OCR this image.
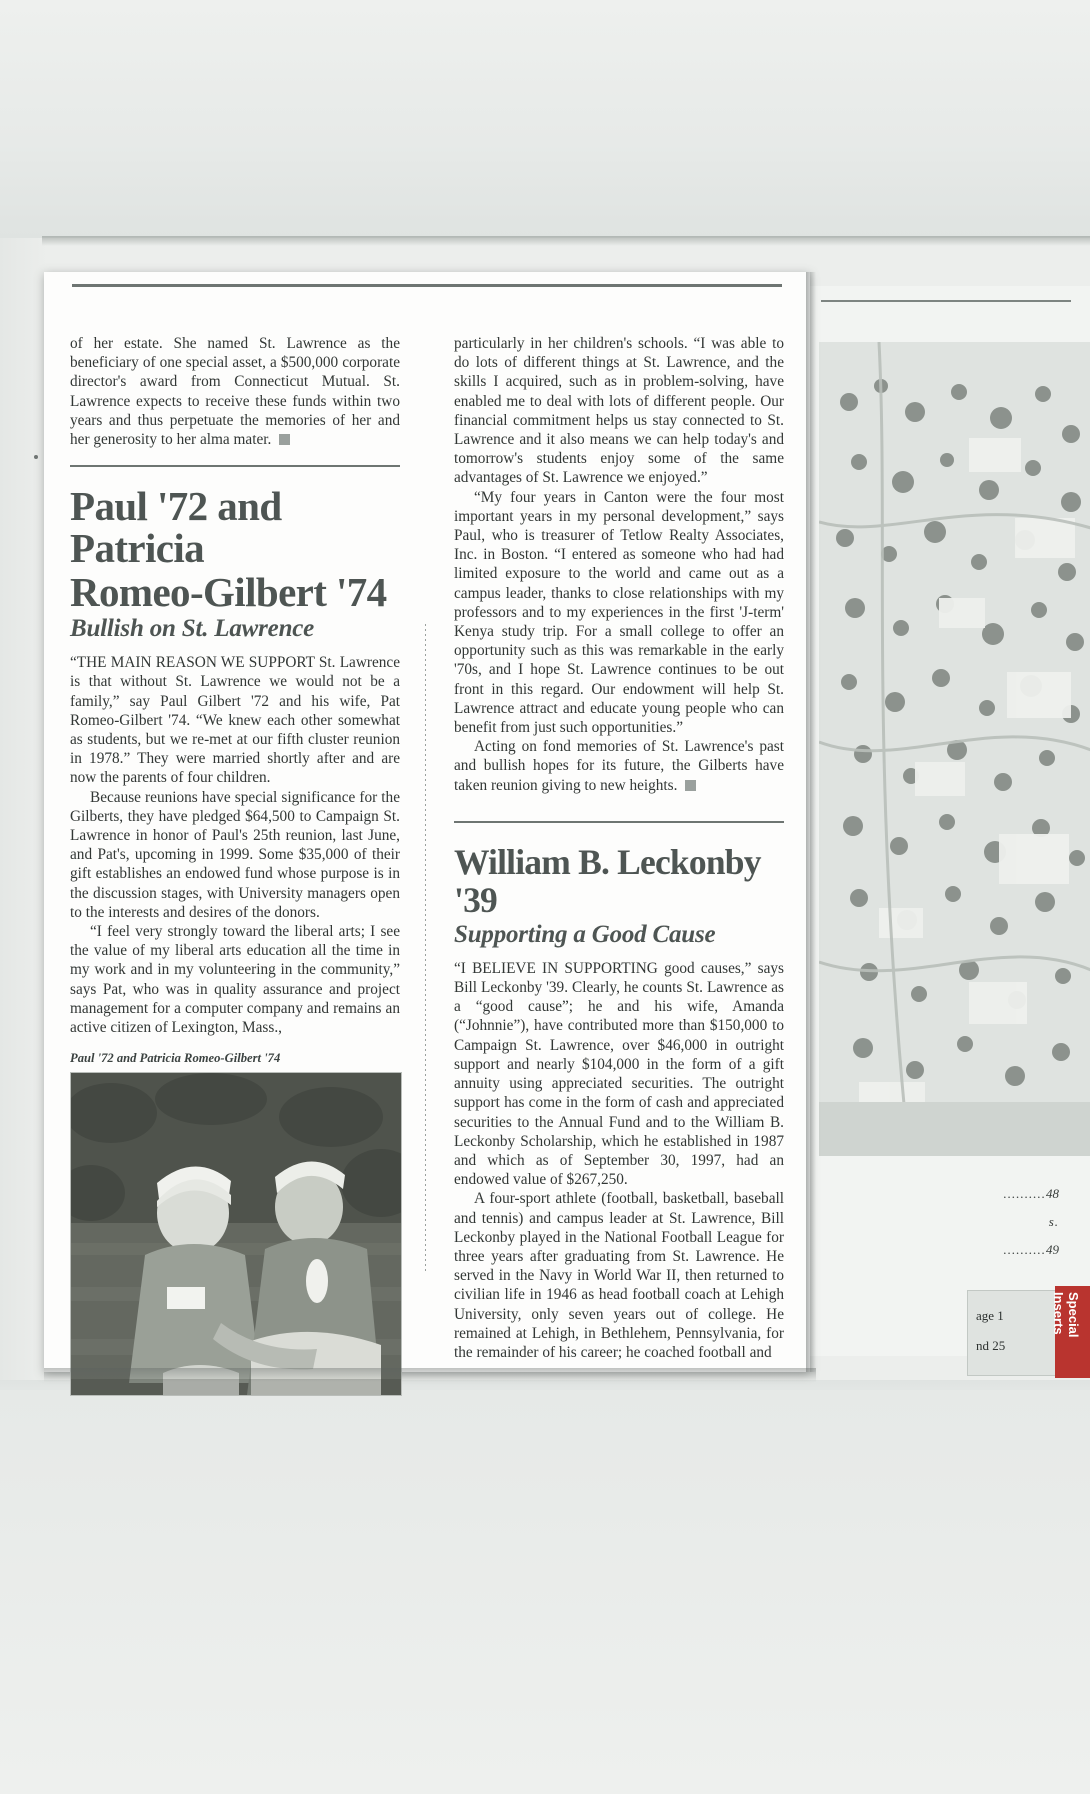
..........48
s.
..........49
age 1
nd 25
Special
Inserts

of her estate. She named St. Lawrence as the beneficiary of one special asset, a $500,000 corporate director's award from Connecticut Mutual. St. Lawrence expects to receive these funds within two years and thus perpetuate the memories of her and her generosity to her alma mater.

Paul '72 and Patricia
Romeo-Gilbert '74
Bullish on St. Lawrence

“THE MAIN REASON WE SUPPORT St. Lawrence is that without St. Lawrence we would not be a family,” say Paul Gilbert '72 and his wife, Pat Romeo-Gilbert '74. “We knew each other somewhat as students, but we re-met at our fifth cluster reunion in 1978.” They were married shortly after and are now the parents of four children.

Because reunions have special significance for the Gilberts, they have pledged $64,500 to Campaign St. Lawrence in honor of Paul's 25th reunion, last June, and Pat's, upcoming in 1999. Some $35,000 of their gift establishes an endowed fund whose purpose is in the discussion stages, with University managers open to the interests and desires of the donors.

“I feel very strongly toward the liberal arts; I see the value of my liberal arts education all the time in my work and in my volunteering in the community,” says Pat, who was in quality assurance and project management for a computer company and remains an active citizen of Lexington, Mass.,

Paul '72 and Patricia Romeo-Gilbert '74

particularly in her children's schools. “I was able to do lots of different things at St. Lawrence, and the skills I acquired, such as in problem-solving, have enabled me to deal with lots of different people. Our financial commitment helps us stay connected to St. Lawrence and it also means we can help today's and tomorrow's students enjoy some of the same advantages of St. Lawrence we enjoyed.”

“My four years in Canton were the four most important years in my personal development,” says Paul, who is treasurer of Tetlow Realty Associates, Inc. in Boston. “I entered as someone who had had limited exposure to the world and came out as a campus leader, thanks to close relationships with my professors and to my experiences in the first 'J-term' Kenya study trip. For a small college to offer an opportunity such as this was remarkable in the early '70s, and I hope St. Lawrence continues to be out front in this regard. Our endowment will help St. Lawrence attract and educate young people who can benefit from just such opportunities.”

Acting on fond memories of St. Lawrence's past and bullish hopes for its future, the Gilberts have taken reunion giving to new heights.

William B. Leckonby '39
Supporting a Good Cause

“I BELIEVE IN SUPPORTING good causes,” says Bill Leckonby '39. Clearly, he counts St. Lawrence as a “good cause”; he and his wife, Amanda (“Johnnie”), have contributed more than $150,000 to Campaign St. Lawrence, over $46,000 in outright support and nearly $104,000 in the form of a gift annuity using appreciated securities. The outright support has come in the form of cash and appreciated securities to the Annual Fund and to the William B. Leckonby Scholarship, which he established in 1987 and which as of September 30, 1997, had an endowed value of $267,250.

A four-sport athlete (football, basketball, baseball and tennis) and campus leader at St. Lawrence, Bill Leckonby played in the National Football League for three years after graduating from St. Lawrence. He served in the Navy in World War II, then returned to civilian life in 1946 as head football coach at Lehigh University, only seven years out of college. He remained at Lehigh, in Bethlehem, Pennsylvania, for the remainder of his career; he coached football and
